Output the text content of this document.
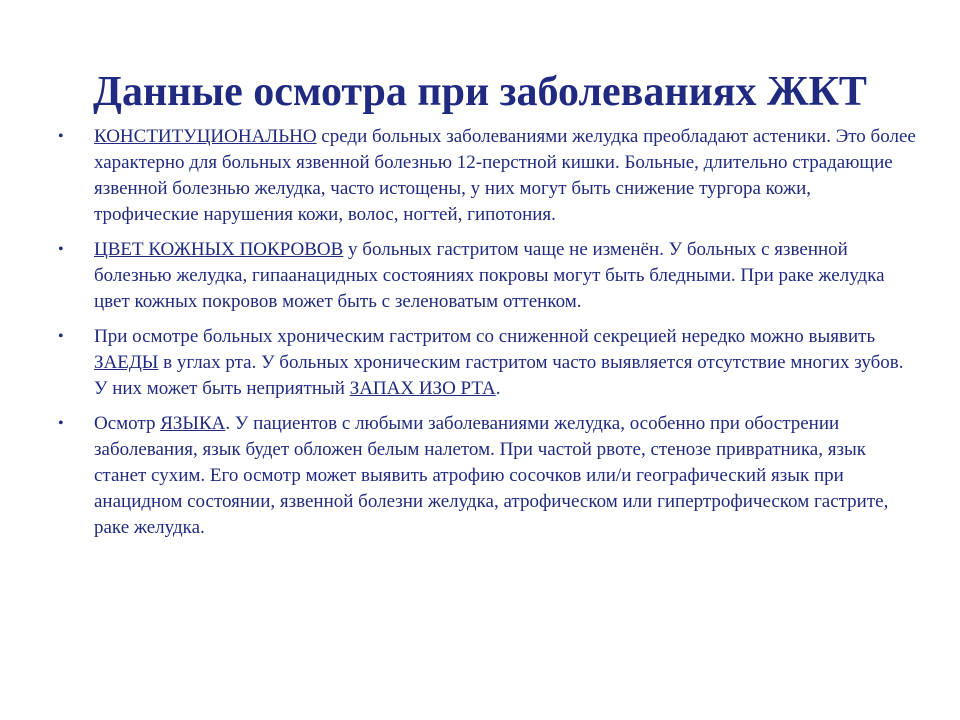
Данные осмотра при заболеваниях ЖКТ
•	КОНСТИТУЦИОНАЛЬНО среди больных заболеваниями желудка преобладают астеники. Это более характерно для больных язвенной болезнью 12-перстной кишки. Больные, длительно страдающие язвенной болезнью желудка, часто истощены, у них могут быть снижение тургора кожи, трофические нарушения кожи, волос, ногтей, гипотония.
•	ЦВЕТ КОЖНЫХ ПОКРОВОВ у больных гастритом чаще не изменён. У больных с язвенной болезнью желудка, гипаанацидных состояниях покровы могут быть бледными. При раке желудка цвет кожных покровов может быть с зеленоватым оттенком.
•	При осмотре больных хроническим гастритом со сниженной секрецией нередко можно выявить ЗАЕДЫ в углах рта. У больных хроническим гастритом часто выявляется отсутствие многих зубов. У них может быть неприятный ЗАПАХ ИЗО РТА.
•	Осмотр ЯЗЫКА. У пациентов с любыми заболеваниями желудка, особенно при обострении заболевания, язык будет обложен белым налетом. При частой рвоте, стенозе привратника, язык станет сухим. Его осмотр может выявить атрофию сосочков или/и географический язык при анацидном состоянии, язвенной болезни желудка, атрофическом или гипертрофическом гастрите, раке желудка.
